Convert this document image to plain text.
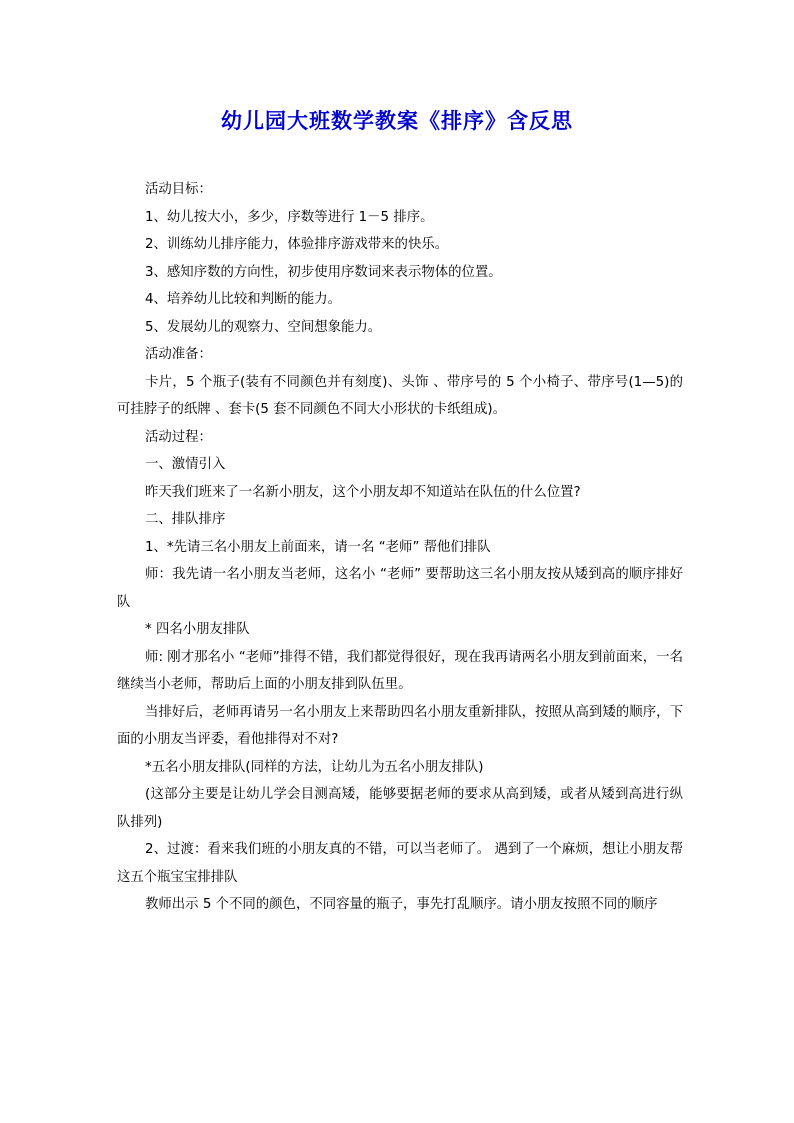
幼儿园大班数学教案《排序》含反思

活动目标：

1、幼儿按大小，多少，序数等进行 1－5 排序。

2、训练幼儿排序能力，体验排序游戏带来的快乐。

3、感知序数的方向性，初步使用序数词来表示物体的位置。

4、培养幼儿比较和判断的能力。

5、发展幼儿的观察力、空间想象能力。

活动准备：

卡片，5 个瓶子(装有不同颜色并有刻度)、头饰 、带序号的 5 个小椅子、带序号(1—5)的可挂脖子的纸牌 、套卡(5 套不同颜色不同大小形状的卡纸组成)。

活动过程：

一、激情引入

昨天我们班来了一名新小朋友，这个小朋友却不知道站在队伍的什么位置?

二、排队排序

1、*先请三名小朋友上前面来，请一名 “老师” 帮他们排队

师：我先请一名小朋友当老师，这名小 “老师” 要帮助这三名小朋友按从矮到高的顺序排好队

* 四名小朋友排队

师: 刚才那名小 “老师”排得不错，我们都觉得很好，现在我再请两名小朋友到前面来，一名继续当小老师，帮助后上面的小朋友排到队伍里。

当排好后，老师再请另一名小朋友上来帮助四名小朋友重新排队，按照从高到矮的顺序，下面的小朋友当评委，看他排得对不对?

*五名小朋友排队(同样的方法，让幼儿为五名小朋友排队)

(这部分主要是让幼儿学会目测高矮，能够要据老师的要求从高到矮，或者从矮到高进行纵队排列)

2、过渡：看来我们班的小朋友真的不错，可以当老师了。 遇到了一个麻烦，想让小朋友帮这五个瓶宝宝排排队

教师出示 5 个不同的颜色，不同容量的瓶子，事先打乱顺序。请小朋友按照不同的顺序
